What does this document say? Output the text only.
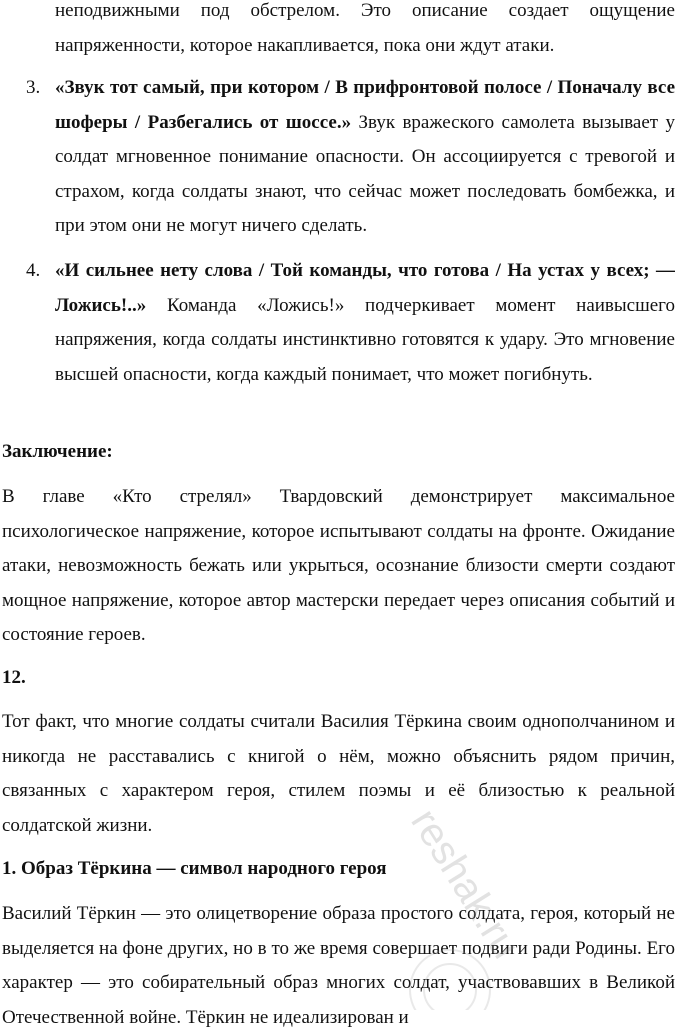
неподвижными под обстрелом. Это описание создает ощущение напряженности, которое накапливается, пока они ждут атаки.

3. «Звук тот самый, при котором / В прифронтовой полосе / Поначалу все шоферы / Разбегались от шоссе.» Звук вражеского самолета вызывает у солдат мгновенное понимание опасности. Он ассоциируется с тревогой и страхом, когда солдаты знают, что сейчас может последовать бомбежка, и при этом они не могут ничего сделать.

4. «И сильнее нету слова / Той команды, что готова / На устах у всех; — Ложись!..» Команда «Ложись!» подчеркивает момент наивысшего напряжения, когда солдаты инстинктивно готовятся к удару. Это мгновение высшей опасности, когда каждый понимает, что может погибнуть.

Заключение:

В главе «Кто стрелял» Твардовский демонстрирует максимальное психологическое напряжение, которое испытывают солдаты на фронте. Ожидание атаки, невозможность бежать или укрыться, осознание близости смерти создают мощное напряжение, которое автор мастерски передает через описания событий и состояние героев.

12.

Тот факт, что многие солдаты считали Василия Тёркина своим однополчанином и никогда не расставались с книгой о нём, можно объяснить рядом причин, связанных с характером героя, стилем поэмы и её близостью к реальной солдатской жизни.

1. Образ Тёркина — символ народного героя

Василий Тёркин — это олицетворение образа простого солдата, героя, который не выделяется на фоне других, но в то же время совершает подвиги ради Родины. Его характер — это собирательный образ многих солдат, участвовавших в Великой Отечественной войне. Тёркин не идеализирован и

reshak.ru
